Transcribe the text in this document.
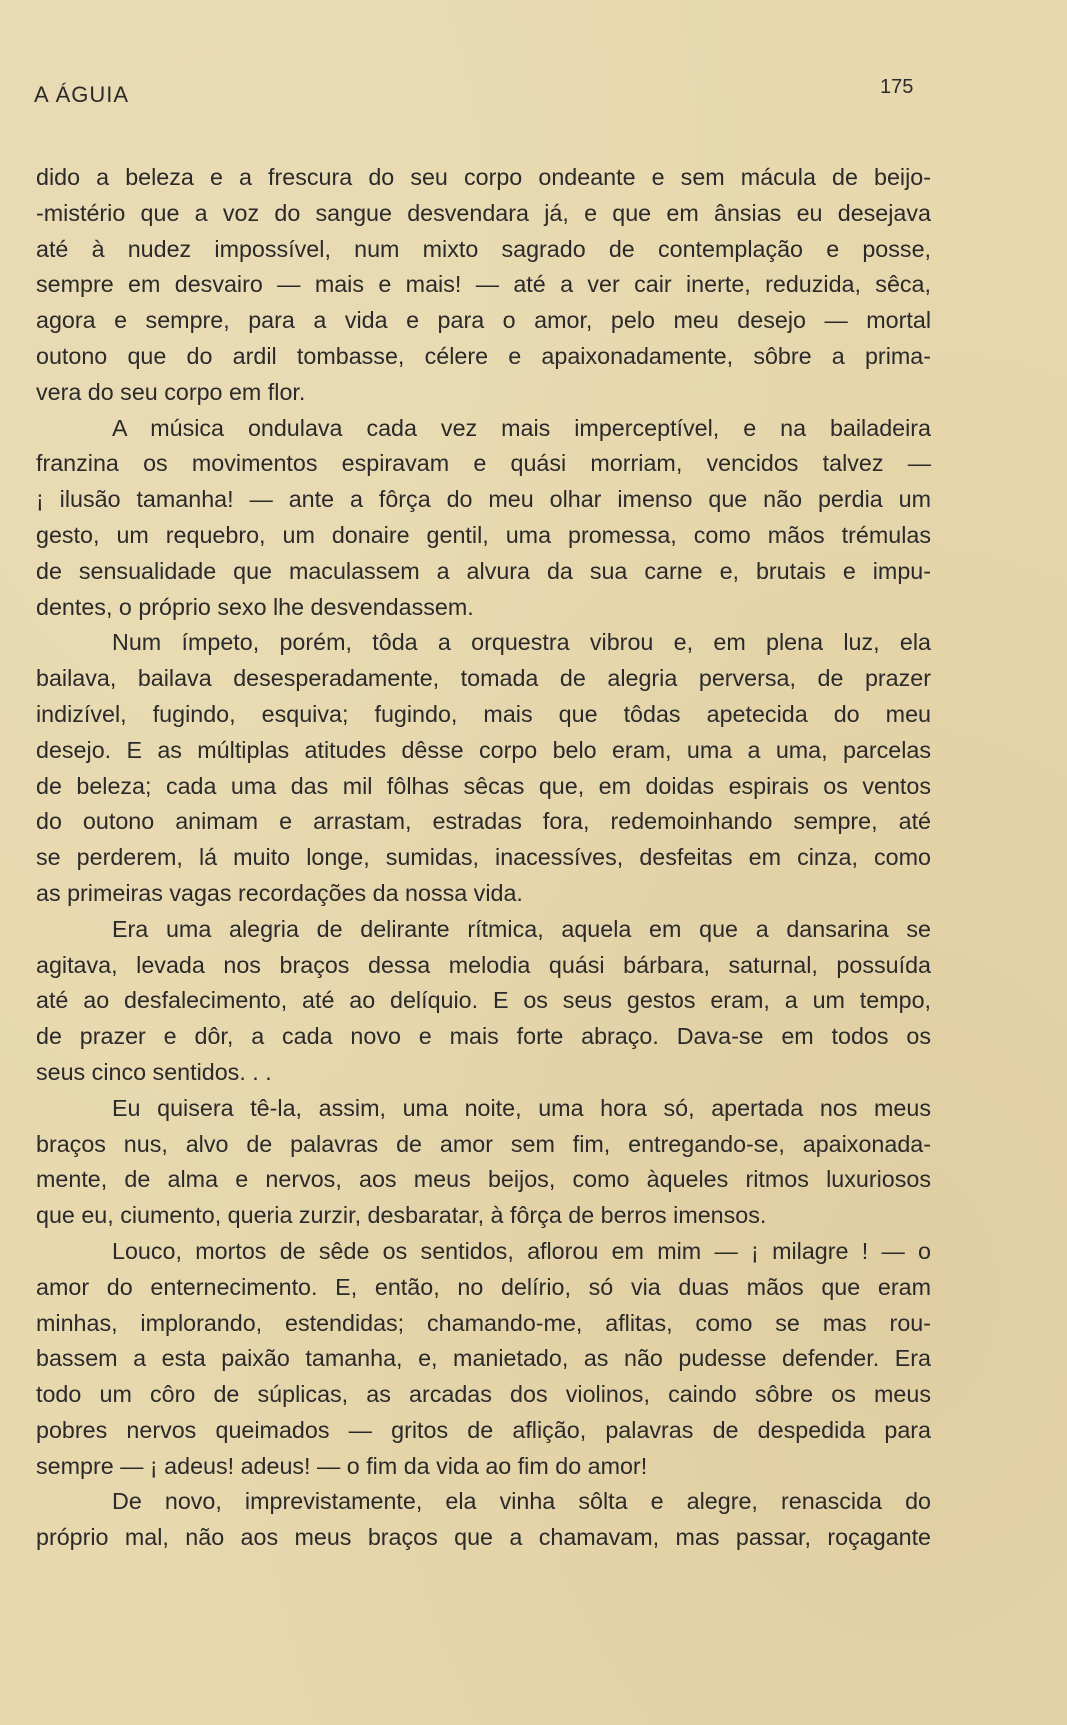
A ÁGUIA	175
dido a beleza e a frescura do seu corpo ondeante e sem mácula de beijo-
-mistério que a voz do sangue desvendara já, e que em ânsias eu desejava
até à nudez impossível, num mixto sagrado de contemplação e posse,
sempre em desvairo — mais e mais! — até a ver cair inerte, reduzida, sêca,
agora e sempre, para a vida e para o amor, pelo meu desejo — mortal
outono que do ardil tombasse, célere e apaixonadamente, sôbre a prima-
vera do seu corpo em flor.
A música ondulava cada vez mais imperceptível, e na bailadeira
franzina os movimentos espiravam e quási morriam, vencidos talvez —
¡ ilusão tamanha! — ante a fôrça do meu olhar imenso que não perdia um
gesto, um requebro, um donaire gentil, uma promessa, como mãos trémulas
de sensualidade que maculassem a alvura da sua carne e, brutais e impu-
dentes, o próprio sexo lhe desvendassem.
Num ímpeto, porém, tôda a orquestra vibrou e, em plena luz, ela
bailava, bailava desesperadamente, tomada de alegria perversa, de prazer
indizível, fugindo, esquiva; fugindo, mais que tôdas apetecida do meu
desejo. E as múltiplas atitudes dêsse corpo belo eram, uma a uma, parcelas
de beleza; cada uma das mil fôlhas sêcas que, em doidas espirais os ventos
do outono animam e arrastam, estradas fora, redemoinhando sempre, até
se perderem, lá muito longe, sumidas, inacessíves, desfeitas em cinza, como
as primeiras vagas recordações da nossa vida.
Era uma alegria de delirante rítmica, aquela em que a dansarina se
agitava, levada nos braços dessa melodia quási bárbara, saturnal, possuída
até ao desfalecimento, até ao delíquio. E os seus gestos eram, a um tempo,
de prazer e dôr, a cada novo e mais forte abraço. Dava-se em todos os
seus cinco sentidos. . .
Eu quisera tê-la, assim, uma noite, uma hora só, apertada nos meus
braços nus, alvo de palavras de amor sem fim, entregando-se, apaixonada-
mente, de alma e nervos, aos meus beijos, como àqueles ritmos luxuriosos
que eu, ciumento, queria zurzir, desbaratar, à fôrça de berros imensos.
Louco, mortos de sêde os sentidos, aflorou em mim — ¡ milagre ! — o
amor do enternecimento. E, então, no delírio, só via duas mãos que eram
minhas, implorando, estendidas; chamando-me, aflitas, como se mas rou-
bassem a esta paixão tamanha, e, manietado, as não pudesse defender. Era
todo um côro de súplicas, as arcadas dos violinos, caindo sôbre os meus
pobres nervos queimados — gritos de aflição, palavras de despedida para
sempre — ¡ adeus! adeus! — o fim da vida ao fim do amor!
De novo, imprevistamente, ela vinha sôlta e alegre, renascida do
próprio mal, não aos meus braços que a chamavam, mas passar, roçagante
